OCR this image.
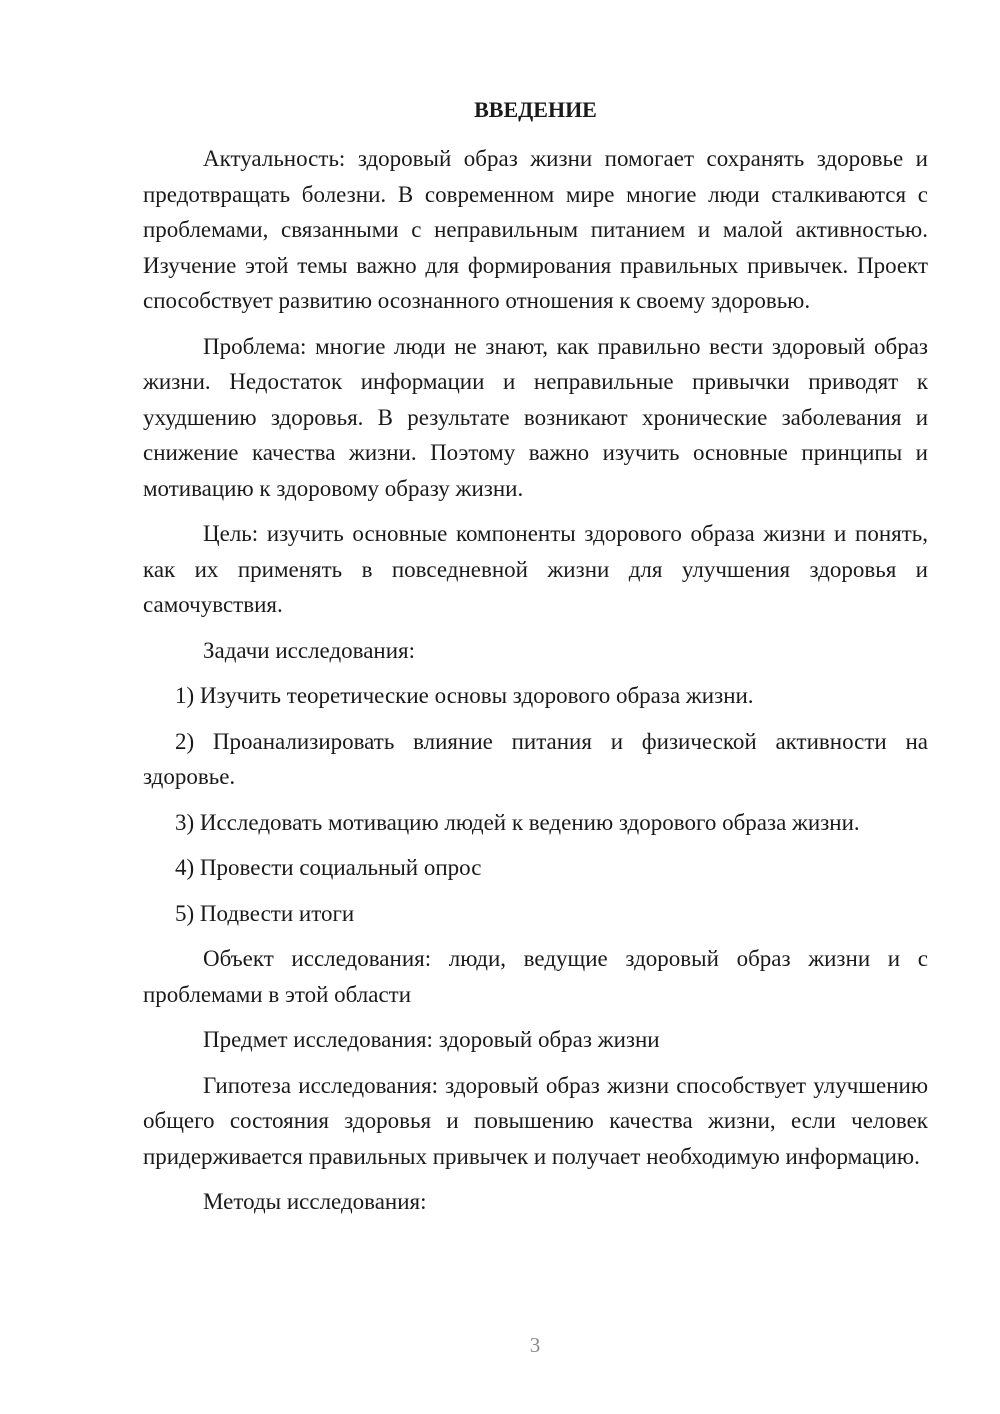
ВВЕДЕНИЕ

Актуальность: здоровый образ жизни помогает сохранять здоровье и предотвращать болезни. В современном мире многие люди сталкиваются с проблемами, связанными с неправильным питанием и малой активностью. Изучение этой темы важно для формирования правильных привычек. Проект способствует развитию осознанного отношения к своему здоровью.

Проблема: многие люди не знают, как правильно вести здоровый образ жизни. Недостаток информации и неправильные привычки приводят к ухудшению здоровья. В результате возникают хронические заболевания и снижение качества жизни. Поэтому важно изучить основные принципы и мотивацию к здоровому образу жизни.

Цель: изучить основные компоненты здорового образа жизни и понять, как их применять в повседневной жизни для улучшения здоровья и самочувствия.

Задачи исследования:

1) Изучить теоретические основы здорового образа жизни.

2) Проанализировать влияние питания и физической активности на здоровье.

3) Исследовать мотивацию людей к ведению здорового образа жизни.

4) Провести социальный опрос

5) Подвести итоги

Объект исследования: люди, ведущие здоровый образ жизни и с проблемами в этой области

Предмет исследования: здоровый образ жизни

Гипотеза исследования: здоровый образ жизни способствует улучшению общего состояния здоровья и повышению качества жизни, если человек придерживается правильных привычек и получает необходимую информацию.

Методы исследования:

3
